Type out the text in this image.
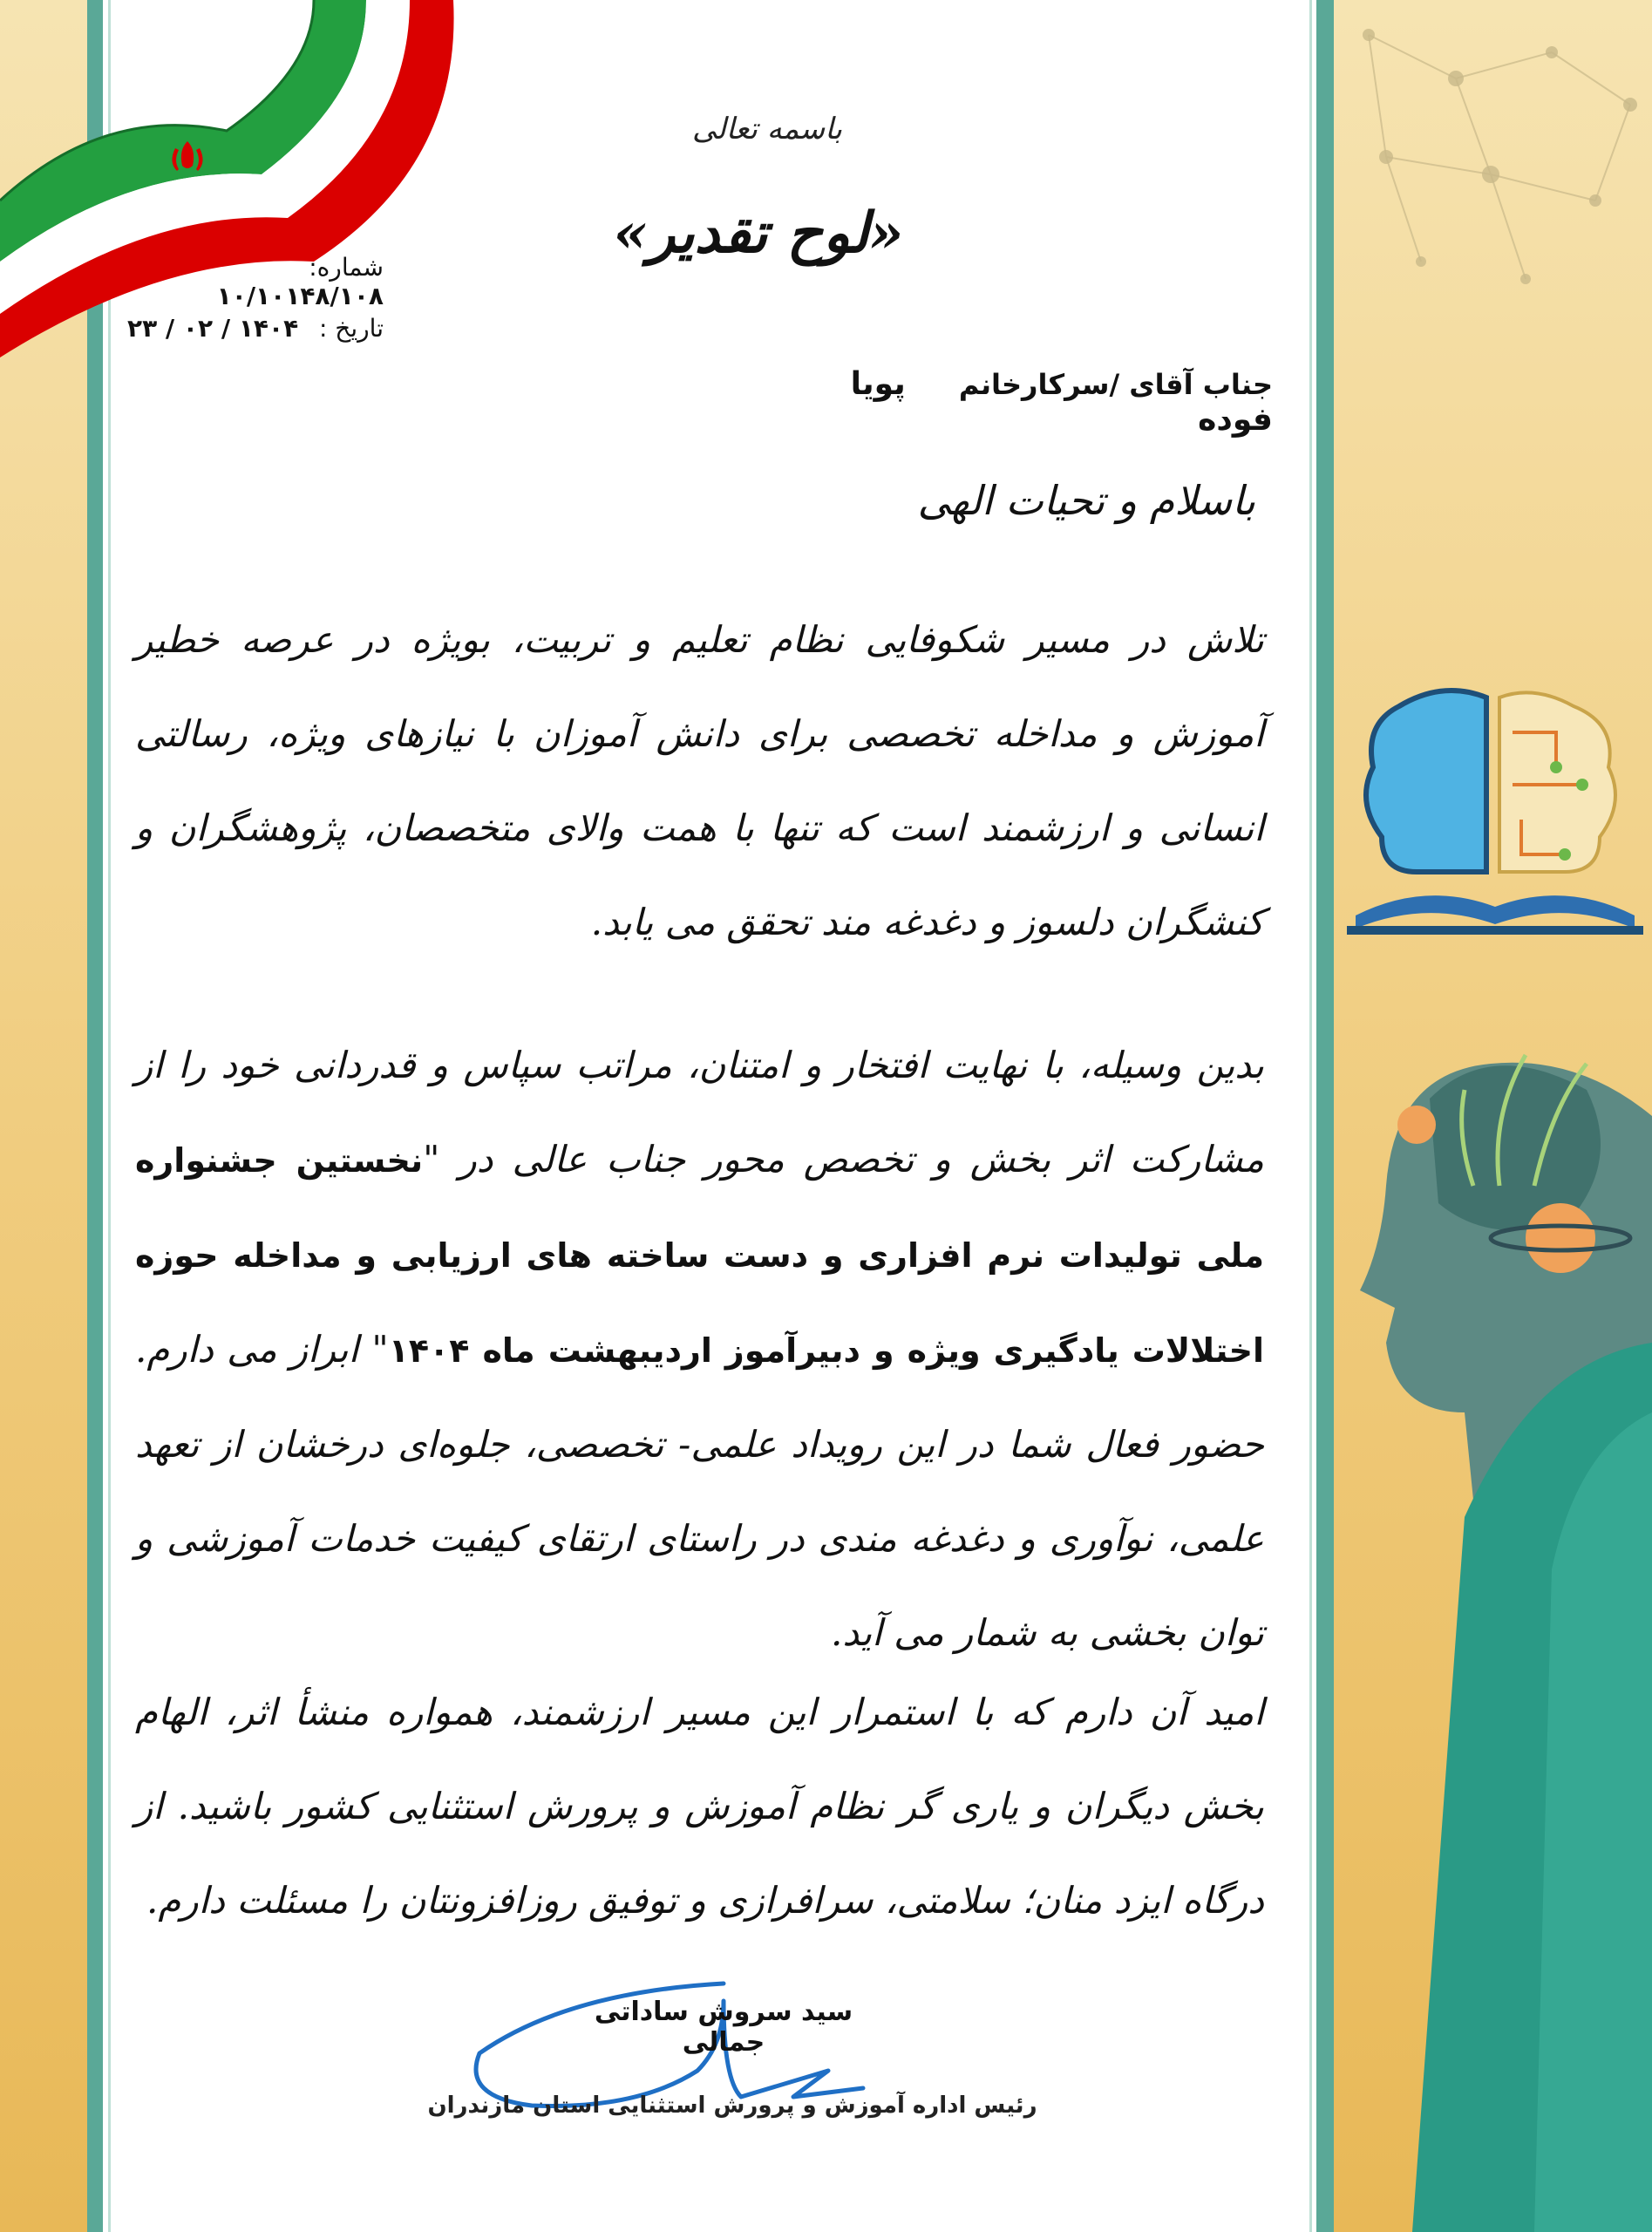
باسمه تعالی
«لوح تقدیر»
شماره: ۱۰/۱۰۱۴۸/۱۰۸
تاریخ : ۱۴۰۴ / ۰۲ / ۲۳
جناب آقای /سرکارخانم پویا فوده
باسلام و تحیات الهی
تلاش در مسیر شکوفایی نظام تعلیم و تربیت، بویژه در عرصه خطیر آموزش و مداخله تخصصی برای دانش آموزان با نیازهای ویژه، رسالتی انسانی و ارزشمند است که تنها با همت والای متخصصان، پژوهشگران و کنشگران دلسوز و دغدغه مند تحقق می یابد.
بدین وسیله، با نهایت افتخار و امتنان، مراتب سپاس و قدردانی خود را از مشارکت اثر بخش و تخصص محور جناب عالی در "نخستین جشنواره ملی تولیدات نرم افزاری و دست ساخته های ارزیابی و مداخله حوزه اختلالات یادگیری ویژه و دبیرآموز اردیبهشت ماه ۱۴۰۴" ابراز می دارم. حضور فعال شما در این رویداد علمی- تخصصی، جلوه‌ای درخشان از تعهد علمی، نوآوری و دغدغه مندی در راستای ارتقای کیفیت خدمات آموزشی و توان بخشی به شمار می آید.
امید آن دارم که با استمرار این مسیر ارزشمند، همواره منشأ اثر، الهام بخش دیگران و یاری گر نظام آموزش و پرورش استثنایی کشور باشید. از درگاه ایزد منان؛ سلامتی، سرافرازی و توفیق روزافزونتان را مسئلت دارم.
سید سروش ساداتی جمالی
رئیس اداره آموزش و پرورش استثنایی استان مازندران
